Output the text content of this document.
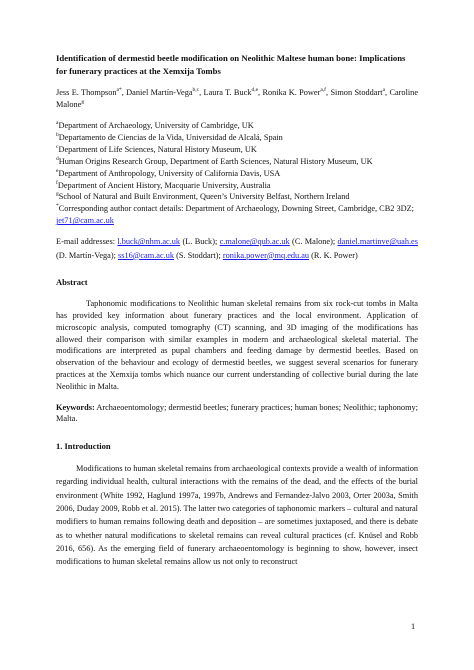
Identification of dermestid beetle modification on Neolithic Maltese human bone: Implications for funerary practices at the Xemxija Tombs

Jess E. Thompson$^{a*}$, Daniel Martín-Vega$^{b,c}$, Laura T. Buck$^{d,e}$, Ronika K. Power$^{a,f}$, Simon Stoddart$^a$, Caroline Malone$^g$

$^a$Department of Archaeology, University of Cambridge, UK
$^b$Departamento de Ciencias de la Vida, Universidad de Alcalá, Spain
$^c$Department of Life Sciences, Natural History Museum, UK
$^d$Human Origins Research Group, Department of Earth Sciences, Natural History Museum, UK
$^e$Department of Anthropology, University of California Davis, USA
$^f$Department of Ancient History, Macquarie University, Australia
$^g$School of Natural and Built Environment, Queen’s University Belfast, Northern Ireland
*Corresponding author contact details: Department of Archaeology, Downing Street, Cambridge, CB2 3DZ; jet71@cam.ac.uk

E-mail addresses: l.buck@nhm.ac.uk (L. Buck); c.malone@qub.ac.uk (C. Malone); daniel.martinve@uah.es (D. Martín-Vega); ss16@cam.ac.uk (S. Stoddart); ronika.power@mq.edu.au (R. K. Power)

Abstract

Taphonomic modifications to Neolithic human skeletal remains from six rock-cut tombs in Malta has provided key information about funerary practices and the local environment. Application of microscopic analysis, computed tomography (CT) scanning, and 3D imaging of the modifications has allowed their comparison with similar examples in modern and archaeological skeletal material. The modifications are interpreted as pupal chambers and feeding damage by dermestid beetles. Based on observation of the behaviour and ecology of dermestid beetles, we suggest several scenarios for funerary practices at the Xemxija tombs which nuance our current understanding of collective burial during the late Neolithic in Malta.

Keywords: Archaeoentomology; dermestid beetles; funerary practices; human bones; Neolithic; taphonomy; Malta.

1. Introduction

Modifications to human skeletal remains from archaeological contexts provide a wealth of information regarding individual health, cultural interactions with the remains of the dead, and the effects of the burial environment (White 1992, Haglund 1997a, 1997b, Andrews and Fernandez-Jalvo 2003, Orter 2003a, Smith 2006, Duday 2009, Robb et al. 2015). The latter two categories of taphonomic markers – cultural and natural modifiers to human remains following death and deposition – are sometimes juxtaposed, and there is debate as to whether natural modifications to skeletal remains can reveal cultural practices (cf. Knüsel and Robb 2016, 656). As the emerging field of funerary archaeoentomology is beginning to show, however, insect modifications to human skeletal remains allow us not only to reconstruct

1
